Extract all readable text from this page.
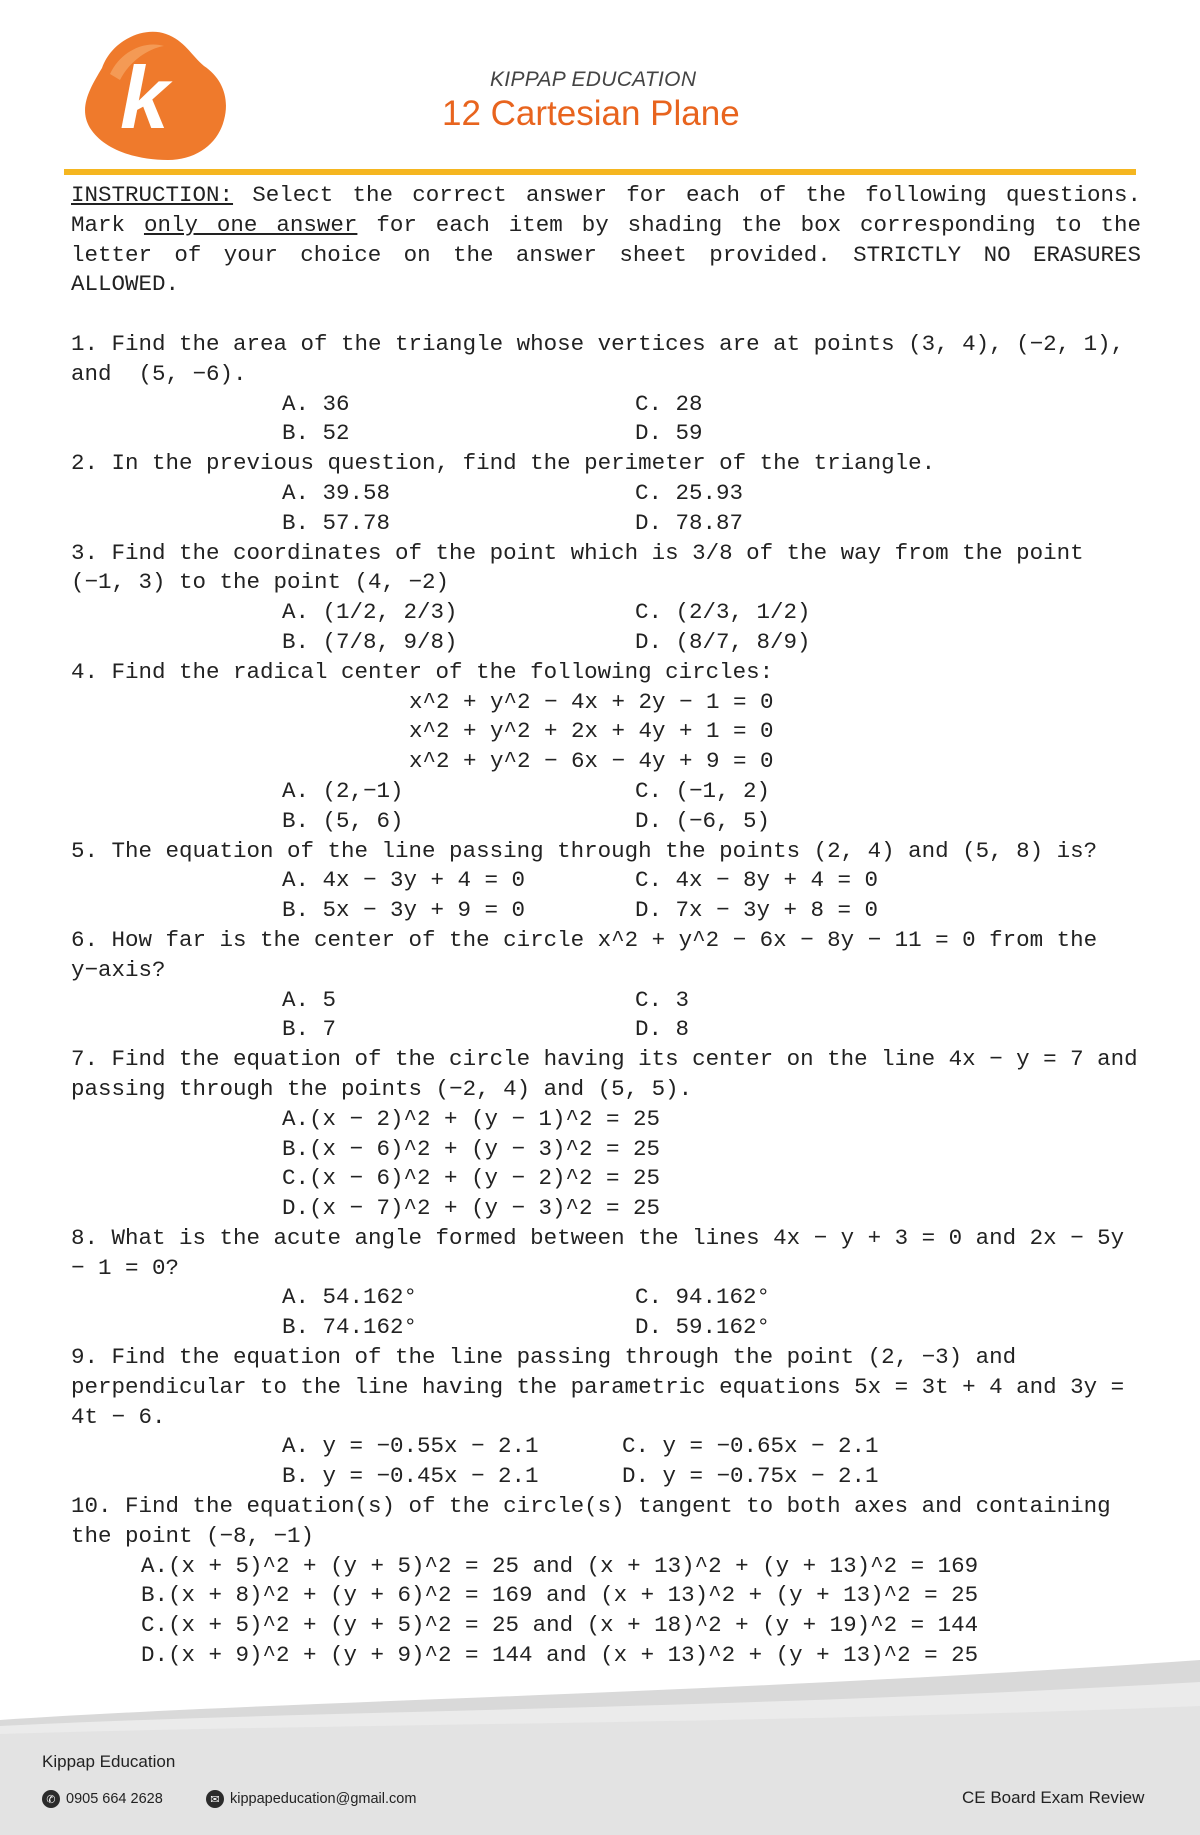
k	KIPPAP EDUCATION
12 Cartesian Plane
INSTRUCTION: Select the correct answer for each of the following questions. Mark only one answer for each item by shading the box corresponding to the letter of your choice on the answer sheet provided. STRICTLY NO ERASURES ALLOWED.
1. Find the area of the triangle whose vertices are at points (3, 4), (−2, 1), and  (5, −6).
A. 36	C. 28
B. 52	D. 59
2. In the previous question, find the perimeter of the triangle.
A. 39.58	C. 25.93
B. 57.78	D. 78.87
3. Find the coordinates of the point which is 3/8 of the way from the point (−1, 3) to the point (4, −2)
A. (1/2, 2/3)	C. (2/3, 1/2)
B. (7/8, 9/8)	D. (8/7, 8/9)
4. Find the radical center of the following circles:
x^2 + y^2 − 4x + 2y − 1 = 0
x^2 + y^2 + 2x + 4y + 1 = 0
x^2 + y^2 − 6x − 4y + 9 = 0
A. (2,−1)	C. (−1, 2)
B. (5, 6)	D. (−6, 5)
5. The equation of the line passing through the points (2, 4) and (5, 8) is?
A. 4x − 3y + 4 = 0	C. 4x − 8y + 4 = 0
B. 5x − 3y + 9 = 0	D. 7x − 3y + 8 = 0
6. How far is the center of the circle x^2 + y^2 − 6x − 8y − 11 = 0 from the y−axis?
A. 5	C. 3
B. 7	D. 8
7. Find the equation of the circle having its center on the line 4x − y = 7 and passing through the points (−2, 4) and (5, 5).
A.(x − 2)^2 + (y − 1)^2 = 25
B.(x − 6)^2 + (y − 3)^2 = 25
C.(x − 6)^2 + (y − 2)^2 = 25
D.(x − 7)^2 + (y − 3)^2 = 25
8. What is the acute angle formed between the lines 4x − y + 3 = 0 and 2x − 5y − 1 = 0?
A. 54.162°	C. 94.162°
B. 74.162°	D. 59.162°
9. Find the equation of the line passing through the point (2, −3) and perpendicular to the line having the parametric equations 5x = 3t + 4 and 3y = 4t − 6.
A. y = −0.55x − 2.1	C. y = −0.65x − 2.1
B. y = −0.45x − 2.1	D. y = −0.75x − 2.1
10. Find the equation(s) of the circle(s) tangent to both axes and containing the point (−8, −1)
A.(x + 5)^2 + (y + 5)^2 = 25 and (x + 13)^2 + (y + 13)^2 = 169
B.(x + 8)^2 + (y + 6)^2 = 169 and (x + 13)^2 + (y + 13)^2 = 25
C.(x + 5)^2 + (y + 5)^2 = 25 and (x + 18)^2 + (y + 19)^2 = 144
D.(x + 9)^2 + (y + 9)^2 = 144 and (x + 13)^2 + (y + 13)^2 = 25
Kippap Education
✆ 0905 664 2628	✉ kippapeducation@gmail.com	CE Board Exam Review
